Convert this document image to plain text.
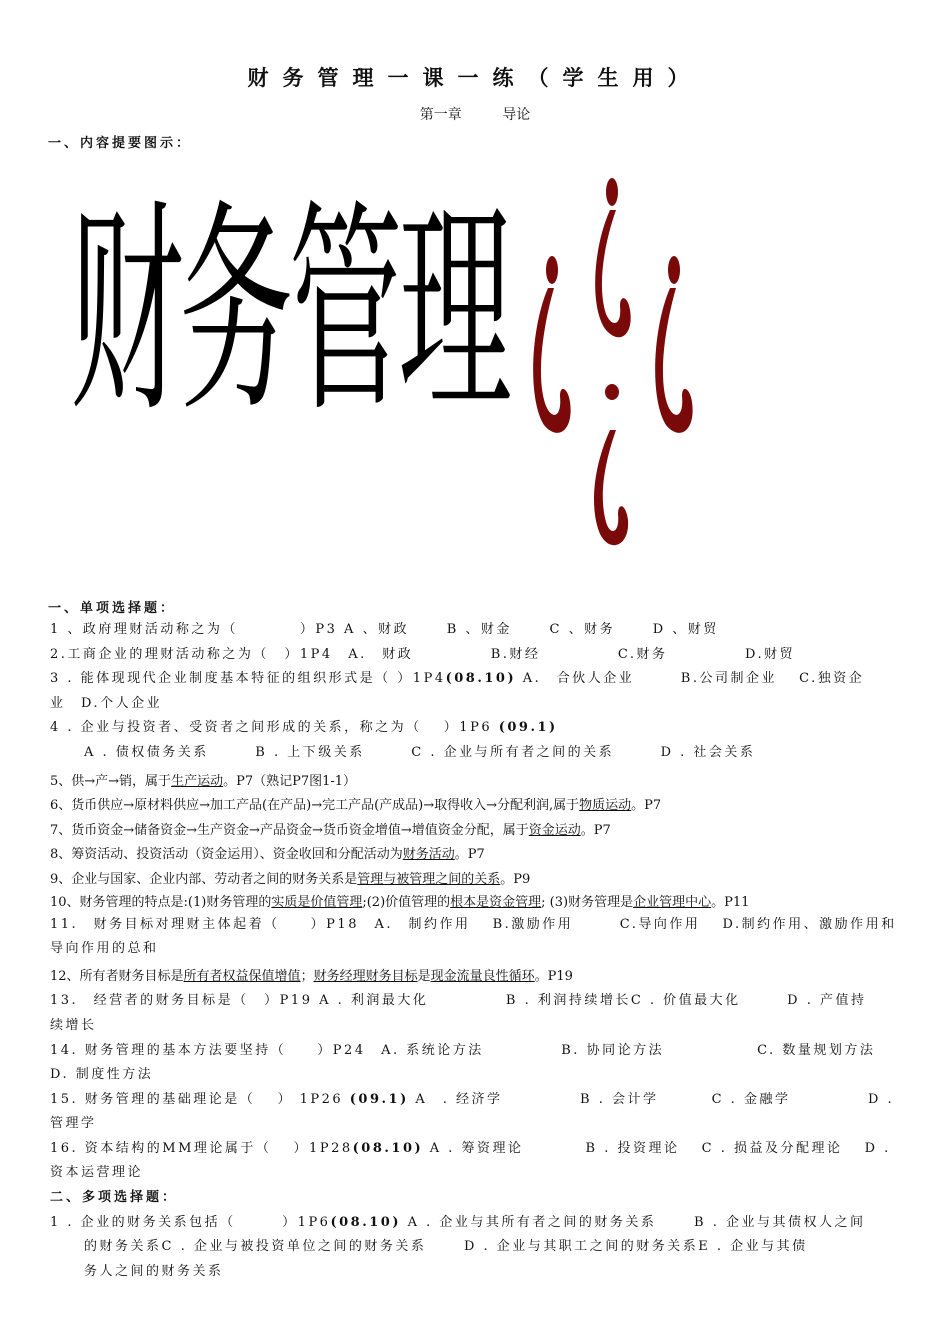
财务管理一课一练（学生用）
第一章	导论
一、内容提要图示：
财务管理
一、单项选择题：
1 、政府理财活动称之为（　　　　）P3 A 、财政　　 B 、财金　　 C 、财务　　 D 、财贸
2.工商企业的理财活动称之为（　）1P4　A.　财政　　　　　B.财经　　　　　C.财务　　　　　D.财贸
3 . 能体现现代企业制度基本特征的组织形式是（ ）1P4(08.10) A.　合伙人企业　　　B.公司制企业　 C.独资企
业　D.个人企业
4 . 企业与投资者、受资者之间形成的关系，称之为（　 ）1P6 (09.1)
A . 债权债务关系　　　B . 上下级关系　　　C . 企业与所有者之间的关系　　　D . 社会关系
5、供→产→销，属于生产运动。P7（熟记P7图1-1）
6、货币供应→原材料供应→加工产品(在产品)→完工产品(产成品)→取得收入→分配利润,属于物质运动。P7
7、货币资金→储备资金→生产资金→产品资金→货币资金增值→增值资金分配，属于资金运动。P7
8、筹资活动、投资活动（资金运用）、资金收回和分配活动为财务活动。P7
9、企业与国家、企业内部、劳动者之间的财务关系是管理与被管理之间的关系。P9
10、财务管理的特点是:(1)财务管理的实质是价值管理;(2)价值管理的根本是资金管理; (3)财务管理是企业管理中心。P11
11.　财务目标对理财主体起着（　　）P18　A.　制约作用　 B.激励作用　　　C.导向作用　 D.制约作用、激励作用和
导向作用的总和
12、所有者财务目标是所有者权益保值增值；财务经理财务目标是现金流量良性循环。P19
13.　经营者的财务目标是（　）P19 A . 利润最大化　　　　　B . 利润持续增长C . 价值最大化　　　D . 产值持
续增长
14. 财务管理的基本方法要坚持（　　）P24　A. 系统论方法　　　　　B. 协同论方法　　　　　　C. 数量规划方法
D. 制度性方法
15. 财务管理的基础理论是（　 ） 1P26 (09.1) A　. 经济学　　　　　B . 会计学　　　 C . 金融学　　　　　D .
管理学
16. 资本结构的MM理论属于（　 ）1P28(08.10) A . 筹资理论　　　　B . 投资理论　 C . 损益及分配理论　 D .
资本运营理论
二、多项选择题：
1 . 企业的财务关系包括（　　　）1P6(08.10) A . 企业与其所有者之间的财务关系　　 B . 企业与其债权人之间
的财务关系C . 企业与被投资单位之间的财务关系　　 D . 企业与其职工之间的财务关系E . 企业与其债
务人之间的财务关系
